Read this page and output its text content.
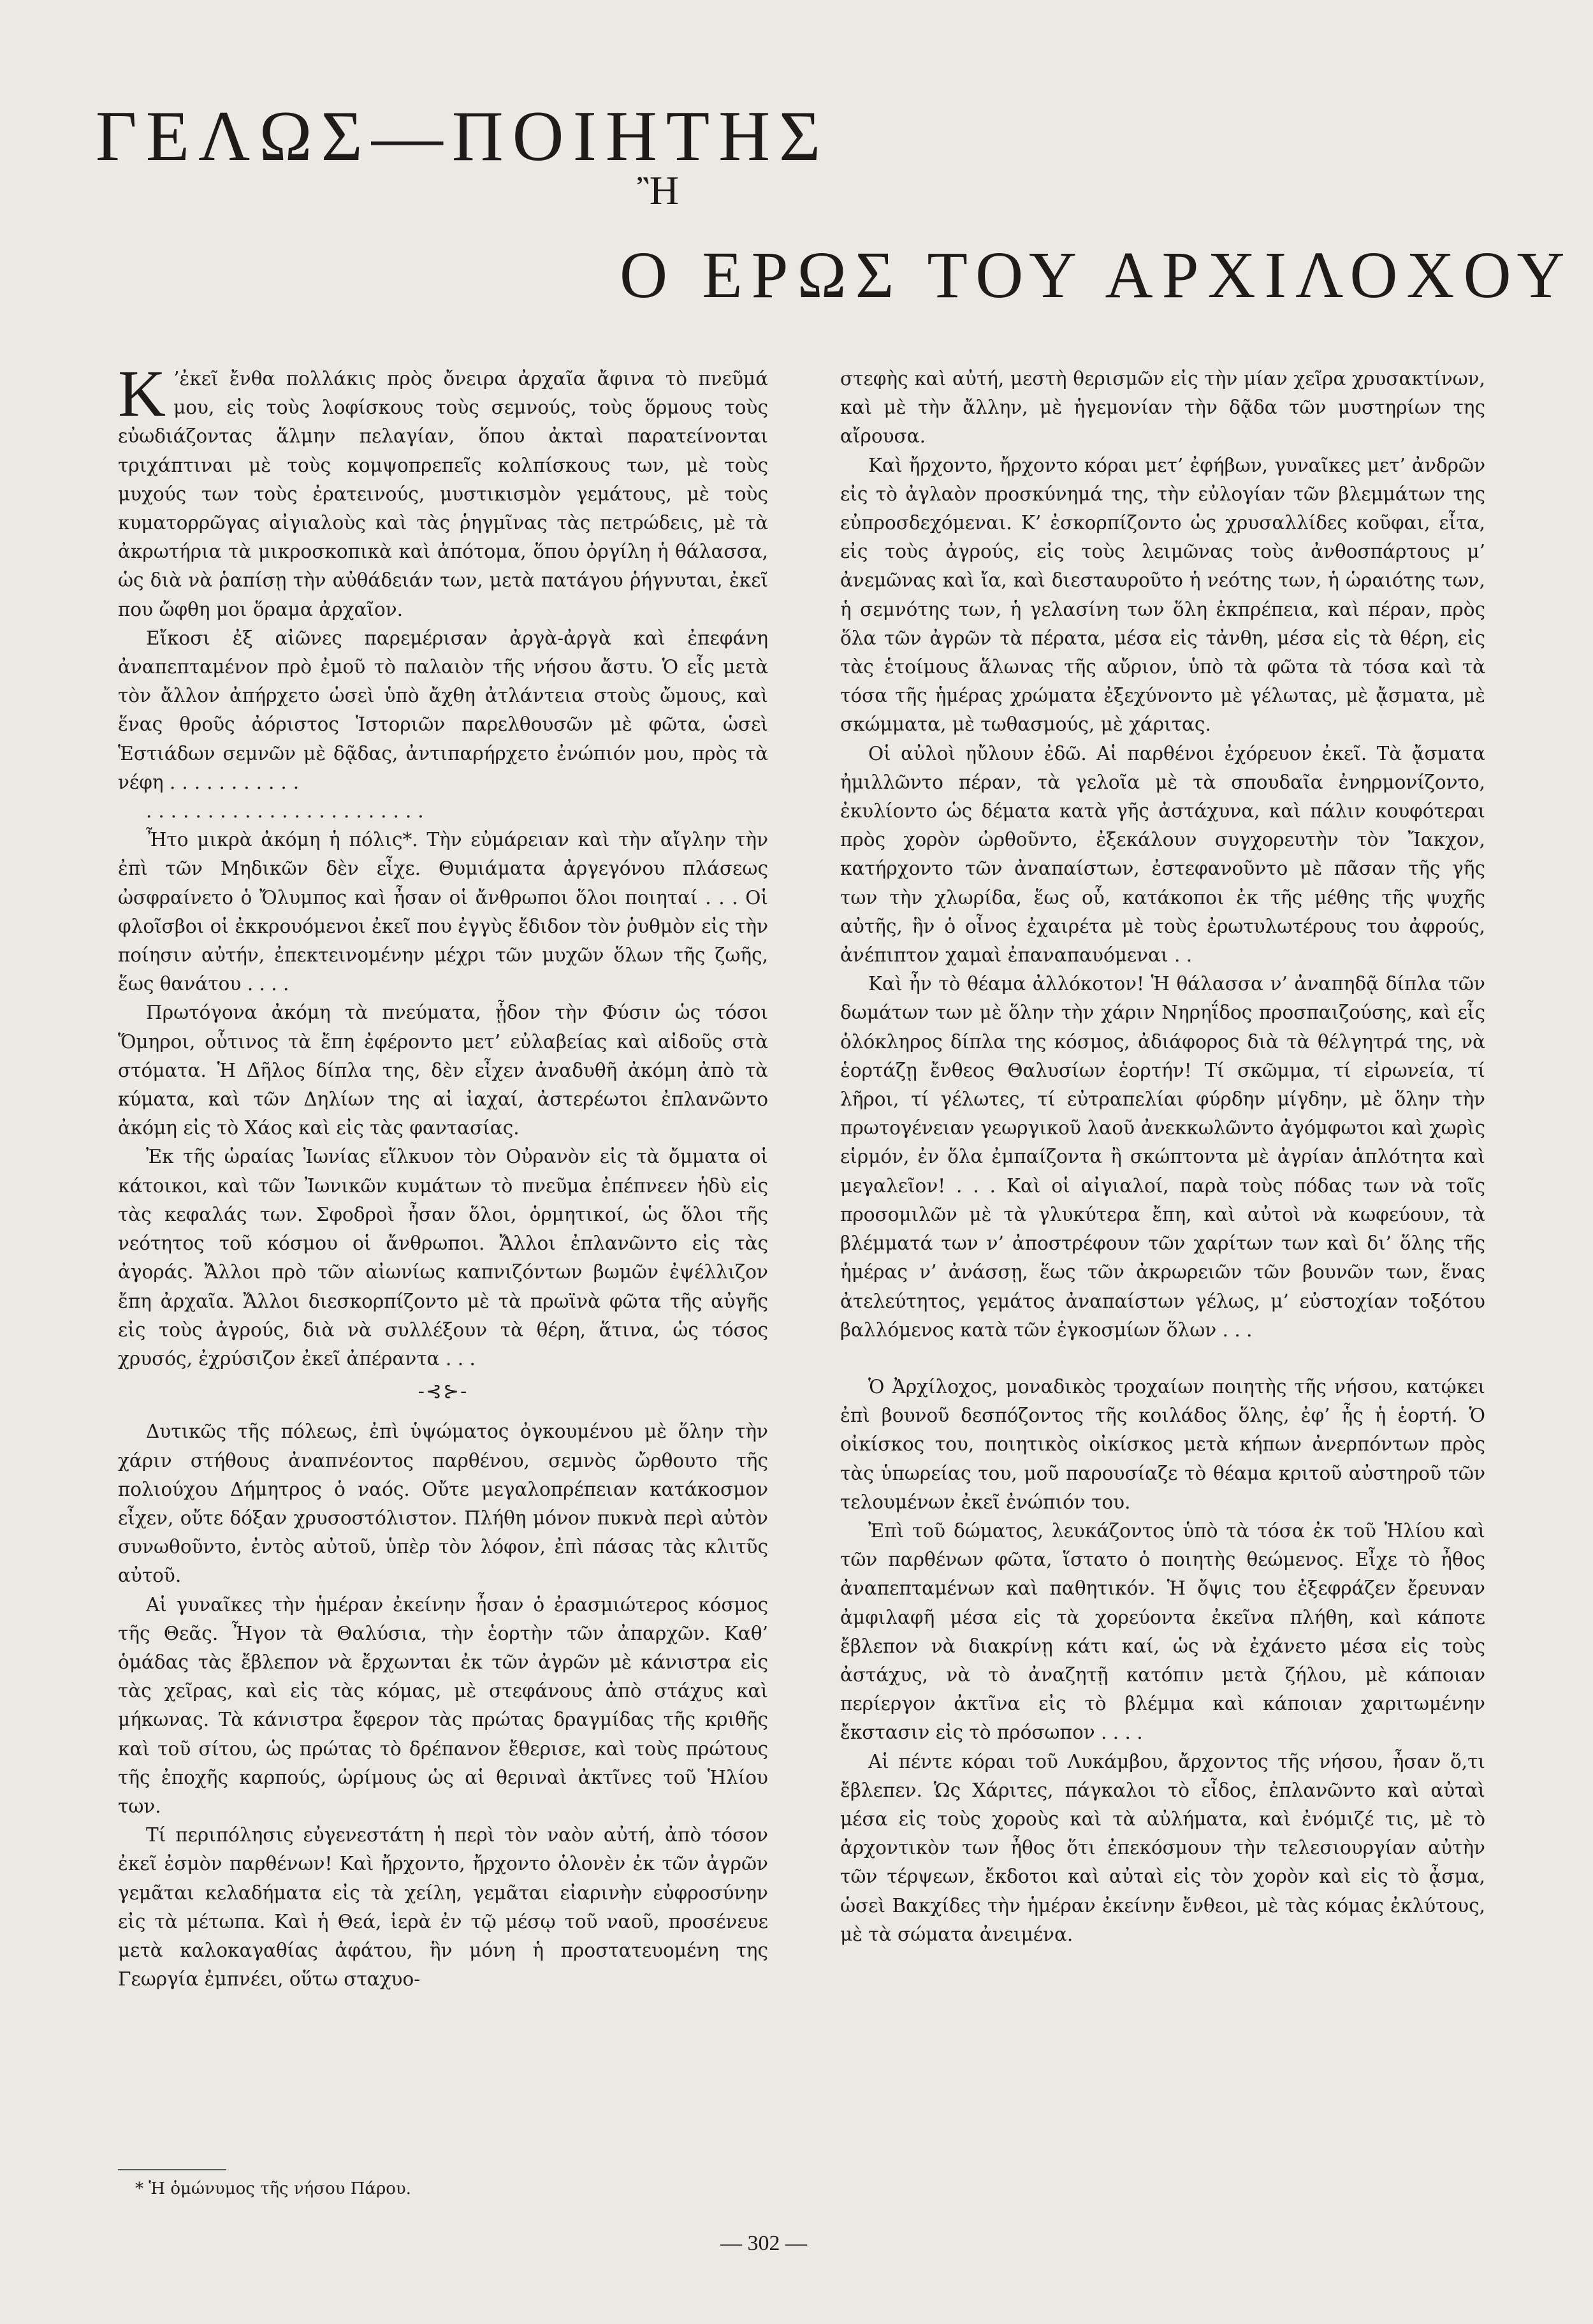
ΓΕΛΩΣ—ΠΟΙΗΤΗΣ
Ἢ
Ο ΕΡΩΣ ΤΟΥ ΑΡΧΙΛΟΧΟΥ

Κ ’ἐκεῖ ἔνθα πολλάκις πρὸς ὄνειρα ἀρχαῖα ἄφινα τὸ πνεῦμά μου, εἰς τοὺς λοφίσκους τοὺς σεμνούς, τοὺς ὅρμους τοὺς εὐωδιάζοντας ἅλμην πελαγίαν, ὅπου ἀκταὶ παρατείνονται τριχάπτιναι μὲ τοὺς κομψοπρεπεῖς κολπίσκους των, μὲ τοὺς μυχούς των τοὺς ἐρατεινούς, μυστικισμὸν γεμάτους, μὲ τοὺς κυματορρῶγας αἰγιαλοὺς καὶ τὰς ῥηγμῖνας τὰς πετρώδεις, μὲ τὰ ἀκρωτήρια τὰ μικροσκοπικὰ καὶ ἀπότομα, ὅπου ὀργίλη ἡ θάλασσα, ὡς διὰ νὰ ῥαπίσῃ τὴν αὐθάδειάν των, μετὰ πατάγου ῥήγνυται, ἐκεῖ που ὤφθη μοι ὅραμα ἀρχαῖον.

Εἴκοσι ἐξ αἰῶνες παρεμέρισαν ἀργὰ-ἀργὰ καὶ ἐπεφάνη ἀναπεπταμένον πρὸ ἐμοῦ τὸ παλαιὸν τῆς νήσου ἄστυ. Ὁ εἷς μετὰ τὸν ἄλλον ἀπήρχετο ὡσεὶ ὑπὸ ἄχθη ἀτλάντεια στοὺς ὤμους, καὶ ἕνας θροῦς ἀόριστος Ἱστοριῶν παρελθουσῶν μὲ φῶτα, ὡσεὶ Ἑστιάδων σεμνῶν μὲ δᾷδας, ἀντιπαρήρχετο ἐνώπιόν μου, πρὸς τὰ νέφη ...........

.......................

Ἦτο μικρὰ ἀκόμη ἡ πόλις*. Τὴν εὐμάρειαν καὶ τὴν αἴγλην τὴν ἐπὶ τῶν Μηδικῶν δὲν εἶχε. Θυμιάματα ἀργεγόνου πλάσεως ὠσφραίνετο ὁ Ὄλυμπος καὶ ἦσαν οἱ ἄνθρωποι ὅλοι ποιηταί . . . Οἱ φλοῖσβοι οἱ ἐκκρουόμενοι ἐκεῖ που ἐγγὺς ἔδιδον τὸν ῥυθμὸν εἰς τὴν ποίησιν αὐτήν, ἐπεκτεινομένην μέχρι τῶν μυχῶν ὅλων τῆς ζωῆς, ἕως θανάτου . . . .

Πρωτόγονα ἀκόμη τὰ πνεύματα, ᾖδον τὴν Φύσιν ὡς τόσοι Ὅμηροι, οὗτινος τὰ ἔπη ἐφέροντο μετ’ εὐλαβείας καὶ αἰδοῦς στὰ στόματα. Ἡ Δῆλος δίπλα της, δὲν εἶχεν ἀναδυθῆ ἀκόμη ἀπὸ τὰ κύματα, καὶ τῶν Δηλίων της αἱ ἰαχαί, ἀστερέωτοι ἐπλανῶντο ἀκόμη εἰς τὸ Χάος καὶ εἰς τὰς φαντασίας.

Ἐκ τῆς ὡραίας Ἰωνίας εἵλκυον τὸν Οὐρανὸν εἰς τὰ ὄμματα οἱ κάτοικοι, καὶ τῶν Ἰωνικῶν κυμάτων τὸ πνεῦμα ἐπέπνεεν ἡδὺ εἰς τὰς κεφαλάς των. Σφοδροὶ ἦσαν ὅλοι, ὁρμητικοί, ὡς ὅλοι τῆς νεότητος τοῦ κόσμου οἱ ἄνθρωποι. Ἄλλοι ἐπλανῶντο εἰς τὰς ἀγοράς. Ἄλλοι πρὸ τῶν αἰωνίως καπνιζόντων βωμῶν ἐψέλλιζον ἔπη ἀρχαῖα. Ἄλλοι διεσκορπίζοντο μὲ τὰ πρωϊνὰ φῶτα τῆς αὐγῆς εἰς τοὺς ἀγρούς, διὰ νὰ συλλέξουν τὰ θέρη, ἅτινα, ὡς τόσος χρυσός, ἐχρύσιζον ἐκεῖ ἀπέραντα . . .

-⊰⊱-

Δυτικῶς τῆς πόλεως, ἐπὶ ὑψώματος ὀγκουμένου μὲ ὅλην τὴν χάριν στήθους ἀναπνέοντος παρθένου, σεμνὸς ὤρθουτο τῆς πολιούχου Δήμητρος ὁ ναός. Οὔτε μεγαλοπρέπειαν κατάκοσμον εἶχεν, οὔτε δόξαν χρυσοστόλιστον. Πλήθη μόνον πυκνὰ περὶ αὐτὸν συνωθοῦντο, ἐντὸς αὐτοῦ, ὑπὲρ τὸν λόφον, ἐπὶ πάσας τὰς κλιτῦς αὐτοῦ.

Αἱ γυναῖκες τὴν ἡμέραν ἐκείνην ἦσαν ὁ ἐρασμιώτερος κόσμος τῆς Θεᾶς. Ἦγον τὰ Θαλύσια, τὴν ἑορτὴν τῶν ἀπαρχῶν. Καθ’ ὁμάδας τὰς ἔβλεπον νὰ ἔρχωνται ἐκ τῶν ἀγρῶν μὲ κάνιστρα εἰς τὰς χεῖρας, καὶ εἰς τὰς κόμας, μὲ στεφάνους ἀπὸ στάχυς καὶ μήκωνας. Τὰ κάνιστρα ἔφερον τὰς πρώτας δραγμίδας τῆς κριθῆς καὶ τοῦ σίτου, ὡς πρώτας τὸ δρέπανον ἔθερισε, καὶ τοὺς πρώτους τῆς ἐποχῆς καρπούς, ὡρίμους ὡς αἱ θεριναὶ ἀκτῖνες τοῦ Ἡλίου των.

Τί περιπόλησις εὐγενεστάτη ἡ περὶ τὸν ναὸν αὐτή, ἀπὸ τόσον ἐκεῖ ἐσμὸν παρθένων! Καὶ ἤρχοντο, ἤρχοντο ὁλονὲν ἐκ τῶν ἀγρῶν γεμᾶται κελαδήματα εἰς τὰ χείλη, γεμᾶται εἰαρινὴν εὐφροσύνην εἰς τὰ μέτωπα. Καὶ ἡ Θεά, ἱερὰ ἐν τῷ μέσῳ τοῦ ναοῦ, προσένευε μετὰ καλοκαγαθίας ἀφάτου, ἣν μόνη ἡ προστατευομένη της Γεωργία ἐμπνέει, οὕτω σταχυο-

στεφὴς καὶ αὐτή, μεστὴ θερισμῶν εἰς τὴν μίαν χεῖρα χρυσακτίνων, καὶ μὲ τὴν ἄλλην, μὲ ἡγεμονίαν τὴν δᾷδα τῶν μυστηρίων της αἴρουσα.

Καὶ ἤρχοντο, ἤρχοντο κόραι μετ’ ἐφήβων, γυναῖκες μετ’ ἀνδρῶν εἰς τὸ ἀγλαὸν προσκύνημά της, τὴν εὐλογίαν τῶν βλεμμάτων της εὐπροσδεχόμεναι. Κ’ ἐσκορπίζοντο ὡς χρυσαλλίδες κοῦφαι, εἶτα, εἰς τοὺς ἀγρούς, εἰς τοὺς λειμῶνας τοὺς ἀνθοσπάρτους μ’ ἀνεμῶνας καὶ ἴα, καὶ διεσταυροῦτο ἡ νεότης των, ἡ ὡραιότης των, ἡ σεμνότης των, ἡ γελασίνη των ὅλη ἐκπρέπεια, καὶ πέραν, πρὸς ὅλα τῶν ἀγρῶν τὰ πέρατα, μέσα εἰς τἀνθη, μέσα εἰς τὰ θέρη, εἰς τὰς ἑτοίμους ἅλωνας τῆς αὔριον, ὑπὸ τὰ φῶτα τὰ τόσα καὶ τὰ τόσα τῆς ἡμέρας χρώματα ἐξεχύνοντο μὲ γέλωτας, μὲ ᾄσματα, μὲ σκώμματα, μὲ τωθασμούς, μὲ χάριτας.

Οἱ αὐλοὶ ηὔλουν ἐδῶ. Αἱ παρθένοι ἐχόρευον ἐκεῖ. Τὰ ᾄσματα ἠμιλλῶντο πέραν, τὰ γελοῖα μὲ τὰ σπουδαῖα ἐνηρμονίζοντο, ἐκυλίοντο ὡς δέματα κατὰ γῆς ἀστάχυνα, καὶ πάλιν κουφότεραι πρὸς χορὸν ὠρθοῦντο, ἐξεκάλουν συγχορευτὴν τὸν Ἴακχον, κατήρχοντο τῶν ἀναπαίστων, ἐστεφανοῦντο μὲ πᾶσαν τῆς γῆς των τὴν χλωρίδα, ἕως οὗ, κατάκοποι ἐκ τῆς μέθης τῆς ψυχῆς αὐτῆς, ἣν ὁ οἶνος ἐχαιρέτα μὲ τοὺς ἐρωτυλωτέρους του ἀφρούς, ἀνέπιπτον χαμαὶ ἐπαναπαυόμεναι . .

Καὶ ἦν τὸ θέαμα ἀλλόκοτον! Ἡ θάλασσα ν’ ἀναπηδᾷ δίπλα τῶν δωμάτων των μὲ ὅλην τὴν χάριν Νηρηΐδος προσπαιζούσης, καὶ εἷς ὁλόκληρος δίπλα της κόσμος, ἀδιάφορος διὰ τὰ θέλγητρά της, νὰ ἑορτάζῃ ἔνθεος Θαλυσίων ἑορτήν! Τί σκῶμμα, τί εἰρωνεία, τί λῆροι, τί γέλωτες, τί εὐτραπελίαι φύρδην μίγδην, μὲ ὅλην τὴν πρωτογένειαν γεωργικοῦ λαοῦ ἀνεκκωλῶντο ἀγόμφωτοι καὶ χωρὶς εἱρμόν, ἐν ὅλα ἐμπαίζοντα ἢ σκώπτοντα μὲ ἀγρίαν ἁπλότητα καὶ μεγαλεῖον! . . . Καὶ οἱ αἰγιαλοί, παρὰ τοὺς πόδας των νὰ τοῖς προσομιλῶν μὲ τὰ γλυκύτερα ἔπη, καὶ αὐτοὶ νὰ κωφεύουν, τὰ βλέμματά των ν’ ἀποστρέφουν τῶν χαρίτων των καὶ δι’ ὅλης τῆς ἡμέρας ν’ ἀνάσσῃ, ἕως τῶν ἀκρωρειῶν τῶν βουνῶν των, ἕνας ἀτελεύτητος, γεμάτος ἀναπαίστων γέλως, μ’ εὐστοχίαν τοξότου βαλλόμενος κατὰ τῶν ἐγκοσμίων ὅλων . . .

Ὁ Ἀρχίλοχος, μοναδικὸς τροχαίων ποιητὴς τῆς νήσου, κατῴκει ἐπὶ βουνοῦ δεσπόζοντος τῆς κοιλάδος ὅλης, ἐφ’ ἧς ἡ ἑορτή. Ὁ οἰκίσκος του, ποιητικὸς οἰκίσκος μετὰ κήπων ἀνερπόντων πρὸς τὰς ὑπωρείας του, μοῦ παρουσίαζε τὸ θέαμα κριτοῦ αὐστηροῦ τῶν τελουμένων ἐκεῖ ἐνώπιόν του.

Ἐπὶ τοῦ δώματος, λευκάζοντος ὑπὸ τὰ τόσα ἐκ τοῦ Ἡλίου καὶ τῶν παρθένων φῶτα, ἵστατο ὁ ποιητὴς θεώμενος. Εἶχε τὸ ἦθος ἀναπεπταμένων καὶ παθητικόν. Ἡ ὄψις του ἐξεφράζεν ἔρευναν ἀμφιλαφῆ μέσα εἰς τὰ χορεύοντα ἐκεῖνα πλήθη, καὶ κάποτε ἔβλεπον νὰ διακρίνῃ κάτι καί, ὡς νὰ ἐχάνετο μέσα εἰς τοὺς ἀστάχυς, νὰ τὸ ἀναζητῇ κατόπιν μετὰ ζήλου, μὲ κάποιαν περίεργον ἀκτῖνα εἰς τὸ βλέμμα καὶ κάποιαν χαριτωμένην ἔκστασιν εἰς τὸ πρόσωπον . . . .

Αἱ πέντε κόραι τοῦ Λυκάμβου, ἄρχοντος τῆς νήσου, ἦσαν ὅ,τι ἔβλεπεν. Ὡς Χάριτες, πάγκαλοι τὸ εἶδος, ἐπλανῶντο καὶ αὐταὶ μέσα εἰς τοὺς χοροὺς καὶ τὰ αὐλήματα, καὶ ἐνόμιζέ τις, μὲ τὸ ἀρχοντικὸν των ἦθος ὅτι ἐπεκόσμουν τὴν τελεσιουργίαν αὐτὴν τῶν τέρψεων, ἔκδοτοι καὶ αὐταὶ εἰς τὸν χορὸν καὶ εἰς τὸ ᾆσμα, ὡσεὶ Βακχίδες τὴν ἡμέραν ἐκείνην ἔνθεοι, μὲ τὰς κόμας ἐκλύτους, μὲ τὰ σώματα ἀνειμένα.

* Ἡ ὁμώνυμος τῆς νήσου Πάρου.
— 302 —
